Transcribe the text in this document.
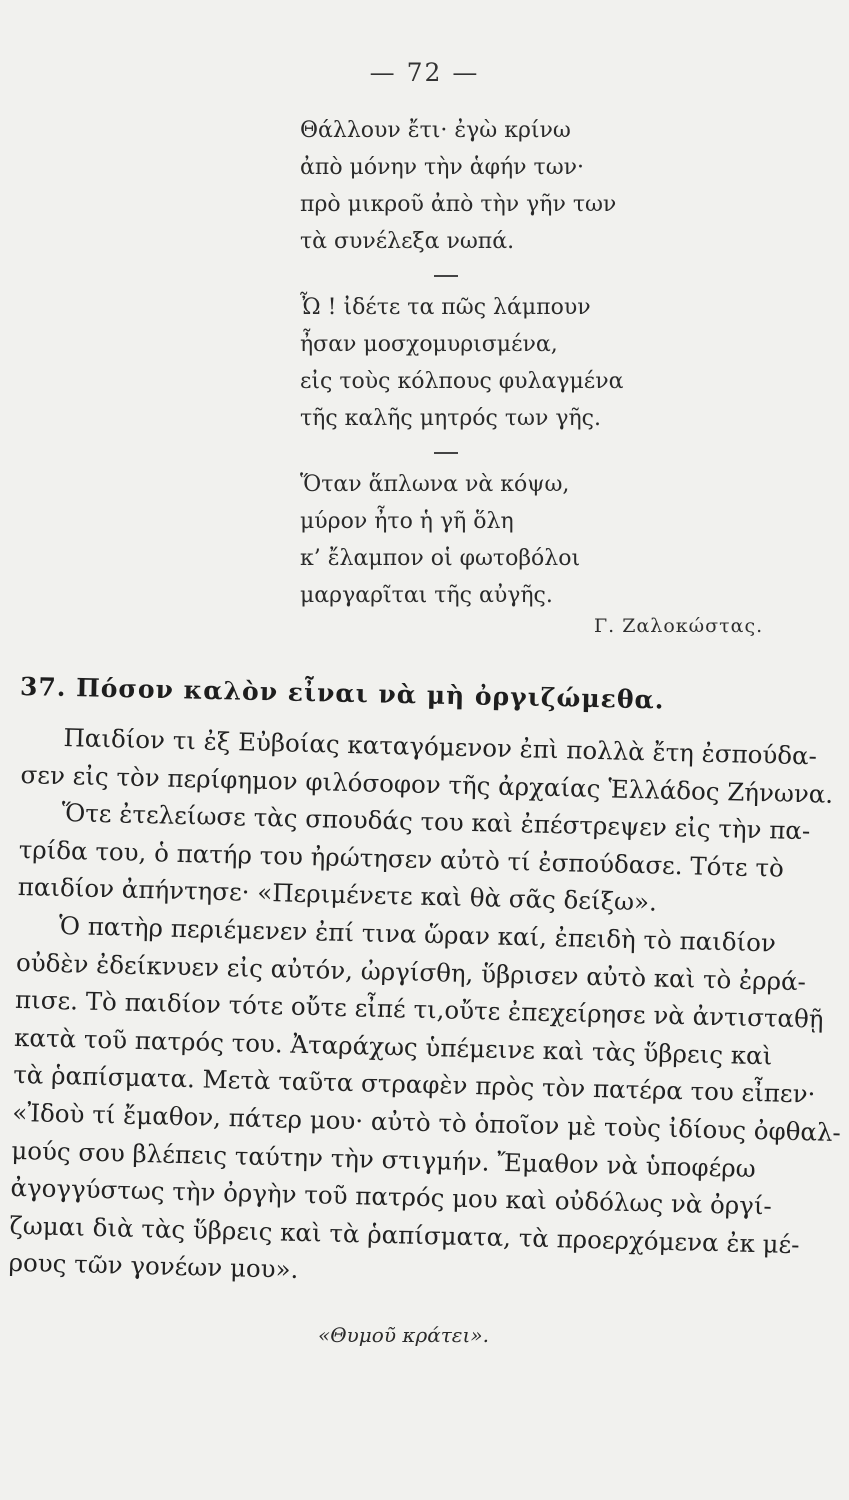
— 72 —
Θάλλουν ἔτι· ἐγὼ κρίνω
ἀπὸ μόνην τὴν ἁφήν των·
πρὸ μικροῦ ἀπὸ τὴν γῆν των
τὰ συνέλεξα νωπά.
Ὦ ! ἰδέτε τα πῶς λάμπουν
ἦσαν μοσχομυρισμένα,
εἰς τοὺς κόλπους φυλαγμένα
τῆς καλῆς μητρός των γῆς.
Ὅταν ἅπλωνα νὰ κόψω,
μύρον ἦτο ἡ γῆ ὅλη
κ’ ἔλαμπον οἱ φωτοβόλοι
μαργαρῖται τῆς αὐγῆς.
Γ. Ζαλοκώστας.
37. Πόσον καλὸν εἶναι νὰ μὴ ὀργιζώμεθα.

Παιδίον τι ἐξ Εὐβοίας καταγόμενον ἐπὶ πολλὰ ἔτη ἐσπούδα-
σεν εἰς τὸν περίφημον φιλόσοφον τῆς ἀρχαίας Ἑλλάδος Ζήνωνα.
Ὅτε ἐτελείωσε τὰς σπουδάς του καὶ ἐπέστρεψεν εἰς τὴν πα-
τρίδα του, ὁ πατήρ του ἠρώτησεν αὐτὸ τί ἐσπούδασε. Τότε τὸ
παιδίον ἀπήντησε· «Περιμένετε καὶ θὰ σᾶς δείξω».
Ὁ πατὴρ περιέμενεν ἐπί τινα ὥραν καί, ἐπειδὴ τὸ παιδίον
οὐδὲν ἐδείκνυεν εἰς αὐτόν, ὠργίσθη, ὕβρισεν αὐτὸ καὶ τὸ ἐρρά-
πισε. Τὸ παιδίον τότε οὔτε εἶπέ τι,οὔτε ἐπεχείρησε νὰ ἀντισταθῇ
κατὰ τοῦ πατρός του. Ἀταράχως ὑπέμεινε καὶ τὰς ὕβρεις καὶ
τὰ ῥαπίσματα. Μετὰ ταῦτα στραφὲν πρὸς τὸν πατέρα του εἶπεν·
«Ἰδοὺ τί ἔμαθον, πάτερ μου· αὐτὸ τὸ ὁποῖον μὲ τοὺς ἰδίους ὀφθαλ-
μούς σου βλέπεις ταύτην τὴν στιγμήν. Ἔμαθον νὰ ὑποφέρω
ἀγογγύστως τὴν ὀργὴν τοῦ πατρός μου καὶ οὐδόλως νὰ ὀργί-
ζωμαι διὰ τὰς ὕβρεις καὶ τὰ ῥαπίσματα, τὰ προερχόμενα ἐκ μέ-
ρους τῶν γονέων μου».

«Θυμοῦ κράτει».
